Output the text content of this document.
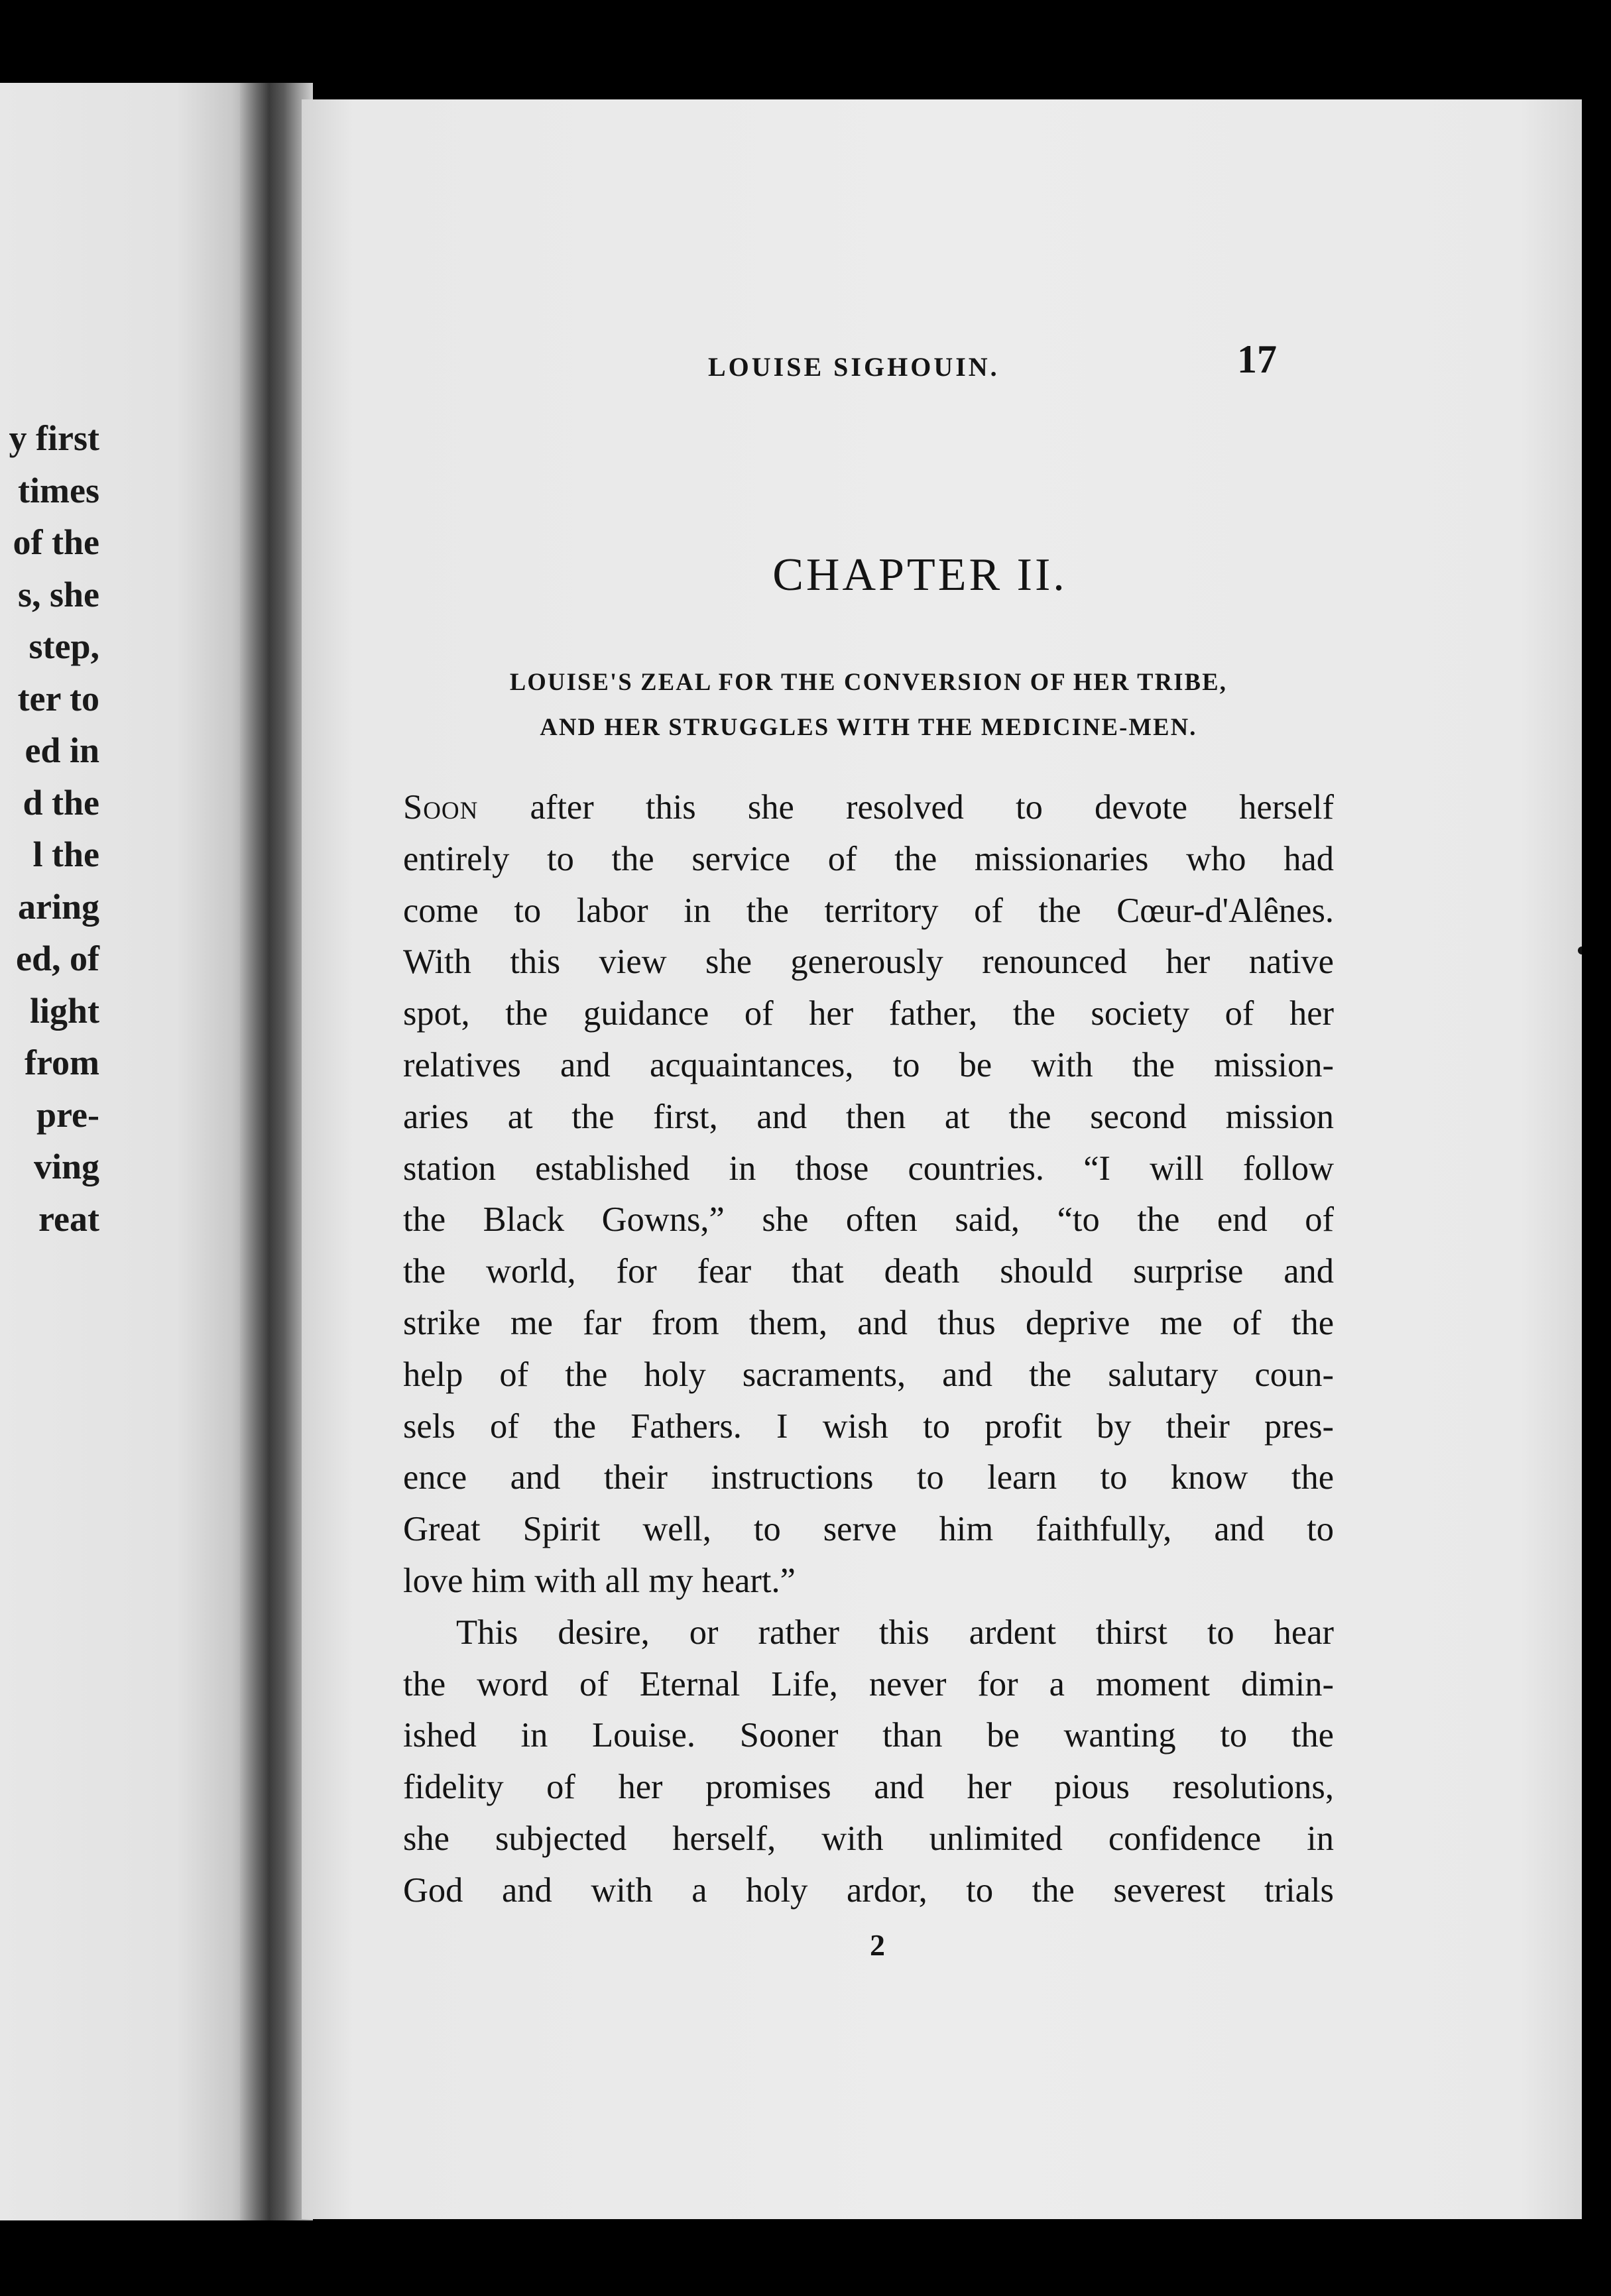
y first
times
of the
s, she
step,
ter to
ed in
d the
l the
aring
ed, of
light
from
pre-
ving
reat
LOUISE SIGHOUIN.	17
CHAPTER II.
LOUISE'S ZEAL FOR THE CONVERSION OF HER TRIBE,
AND HER STRUGGLES WITH THE MEDICINE-MEN.
Soon after this she resolved to devote herself
entirely to the service of the missionaries who had
come to labor in the territory of the Cœur-d'Alênes.
With this view she generously renounced her native
spot, the guidance of her father, the society of her
relatives and acquaintances, to be with the mission-
aries at the first, and then at the second mission
station established in those countries. “I will follow
the Black Gowns,” she often said, “to the end of
the world, for fear that death should surprise and
strike me far from them, and thus deprive me of the
help of the holy sacraments, and the salutary coun-
sels of the Fathers. I wish to profit by their pres-
ence and their instructions to learn to know the
Great Spirit well, to serve him faithfully, and to
love him with all my heart.”
This desire, or rather this ardent thirst to hear
the word of Eternal Life, never for a moment dimin-
ished in Louise. Sooner than be wanting to the
fidelity of her promises and her pious resolutions,
she subjected herself, with unlimited confidence in
God and with a holy ardor, to the severest trials
2
